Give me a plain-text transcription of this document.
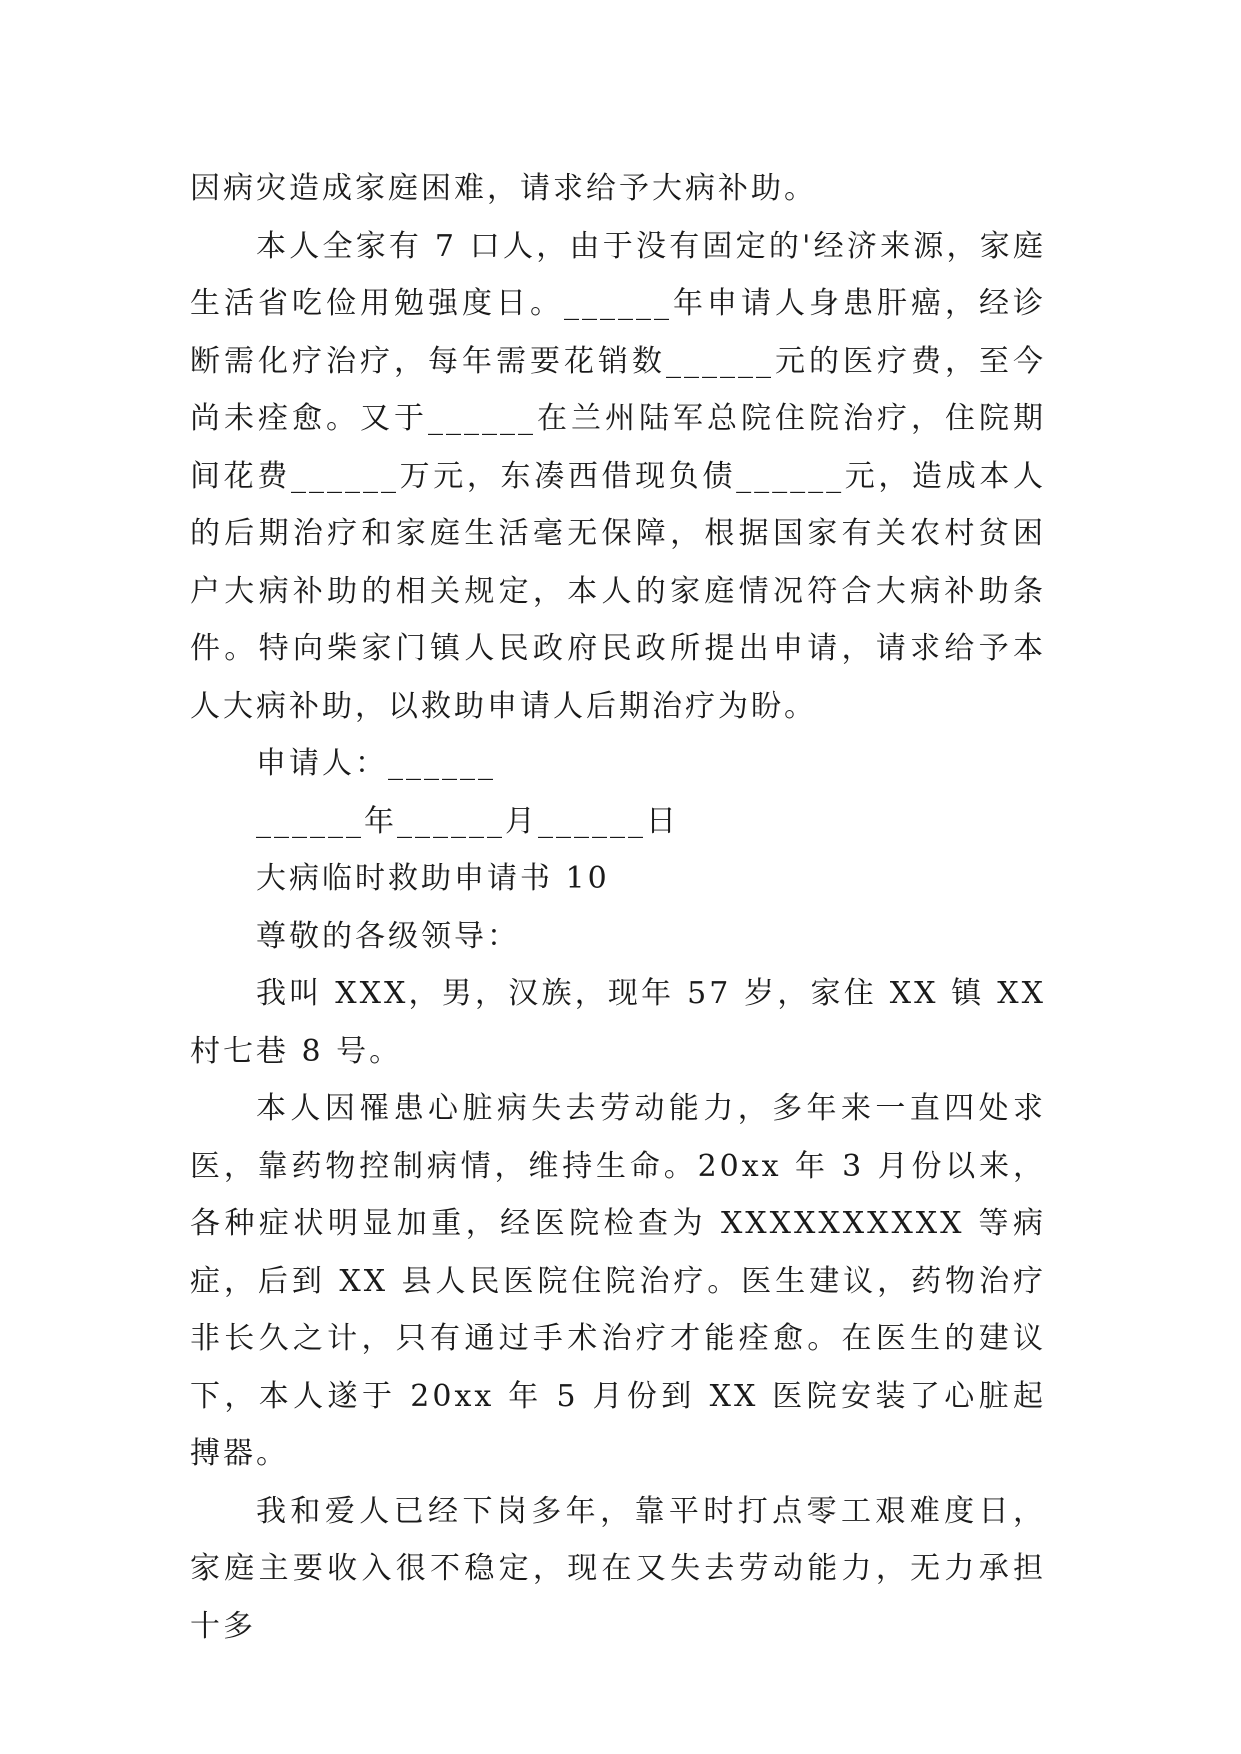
因病灾造成家庭困难，请求给予大病补助。

本人全家有 7 口人，由于没有固定的'经济来源，家庭生活省吃俭用勉强度日。______年申请人身患肝癌，经诊断需化疗治疗，每年需要花销数______元的医疗费，至今尚未痊愈。又于______在兰州陆军总院住院治疗，住院期间花费______万元，东凑西借现负债______元，造成本人的后期治疗和家庭生活毫无保障，根据国家有关农村贫困户大病补助的相关规定，本人的家庭情况符合大病补助条件。特向柴家门镇人民政府民政所提出申请，请求给予本人大病补助，以救助申请人后期治疗为盼。

申请人：______

______年______月______日

大病临时救助申请书 10

尊敬的各级领导：

我叫 XXX，男，汉族，现年 57 岁，家住 XX 镇 XX 村七巷 8 号。

本人因罹患心脏病失去劳动能力，多年来一直四处求医，靠药物控制病情，维持生命。20xx 年 3 月份以来，各种症状明显加重，经医院检查为 XXXXXXXXXX 等病症，后到 XX 县人民医院住院治疗。医生建议，药物治疗非长久之计，只有通过手术治疗才能痊愈。在医生的建议下，本人遂于 20xx 年 5 月份到 XX 医院安装了心脏起搏器。

我和爱人已经下岗多年，靠平时打点零工艰难度日，家庭主要收入很不稳定，现在又失去劳动能力，无力承担十多
